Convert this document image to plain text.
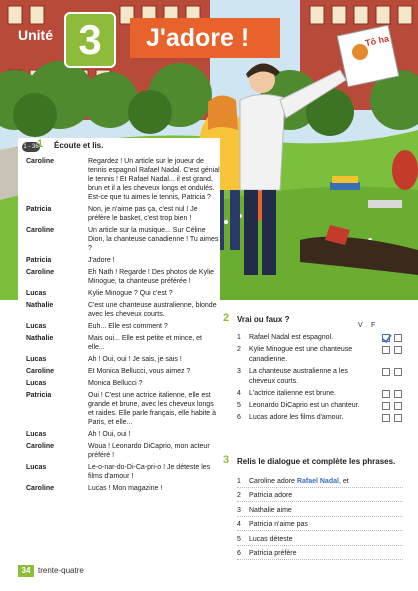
Tô ha
Unité 3	J'adore !
1 - 36
1 Écoute et lis.
Caroline	Regardez ! Un article sur le joueur de tennis espagnol Rafael Nadal. C'est génial le tennis ! Et Rafael Nadal... il est grand, brun et il a les cheveux longs et ondulés. Est-ce que tu aimes le tennis, Patricia ?
Patricia	Non, je n'aime pas ça, c'est nul ! Je préfère le basket, c'est trop bien !
Caroline	Un article sur la musique... Sur Céline Dion, la chanteuse canadienne ! Tu aimes ?
Patricia	J'adore !
Caroline	Eh Nath ! Regarde ! Des photos de Kylie Minogue, ta chanteuse préférée !
Lucas	Kylie Minogue ? Qui c'est ?
Nathalie	C'est une chanteuse australienne, blonde avec les cheveux courts.
Lucas	Euh... Elle est comment ?
Nathalie	Mais oui... Elle est petite et mince, et elle...
Lucas	Ah ! Oui, oui ! Je sais, je sais !
Caroline	Et Monica Bellucci, vous aimez ?
Lucas	Monica Bellucci ?
Patricia	Oui ! C'est une actrice italienne, elle est grande et brune, avec les cheveux longs et raides. Elle parle français, elle habite à Paris, et elle...
Lucas	Ah ! Oui, oui !
Caroline	Woua ! Leonardo DiCaprio, mon acteur préféré !
Lucas	Le-o-nar-do-Di-Ca-pri-o ! Je déteste les films d'amour !
Caroline	Lucas ! Mon magazine !
2 Vrai ou faux ?
V F
1	Rafael Nadal est espagnol.
2	Kylie Minogue est une chanteuse canadienne.
3	La chanteuse australienne a les cheveux courts.
4	L'actrice italienne est brune.
5	Leonardo DiCaprio est un chanteur.
6	Lucas adore les films d'amour.
3 Relis le dialogue et complète les phrases.
1	Caroline adore Rafael Nadal , et
2	Patricia adore
3	Nathalie aime
4	Patricia n'aime pas
5	Lucas déteste
6	Patricia préfère
34 trente-quatre
